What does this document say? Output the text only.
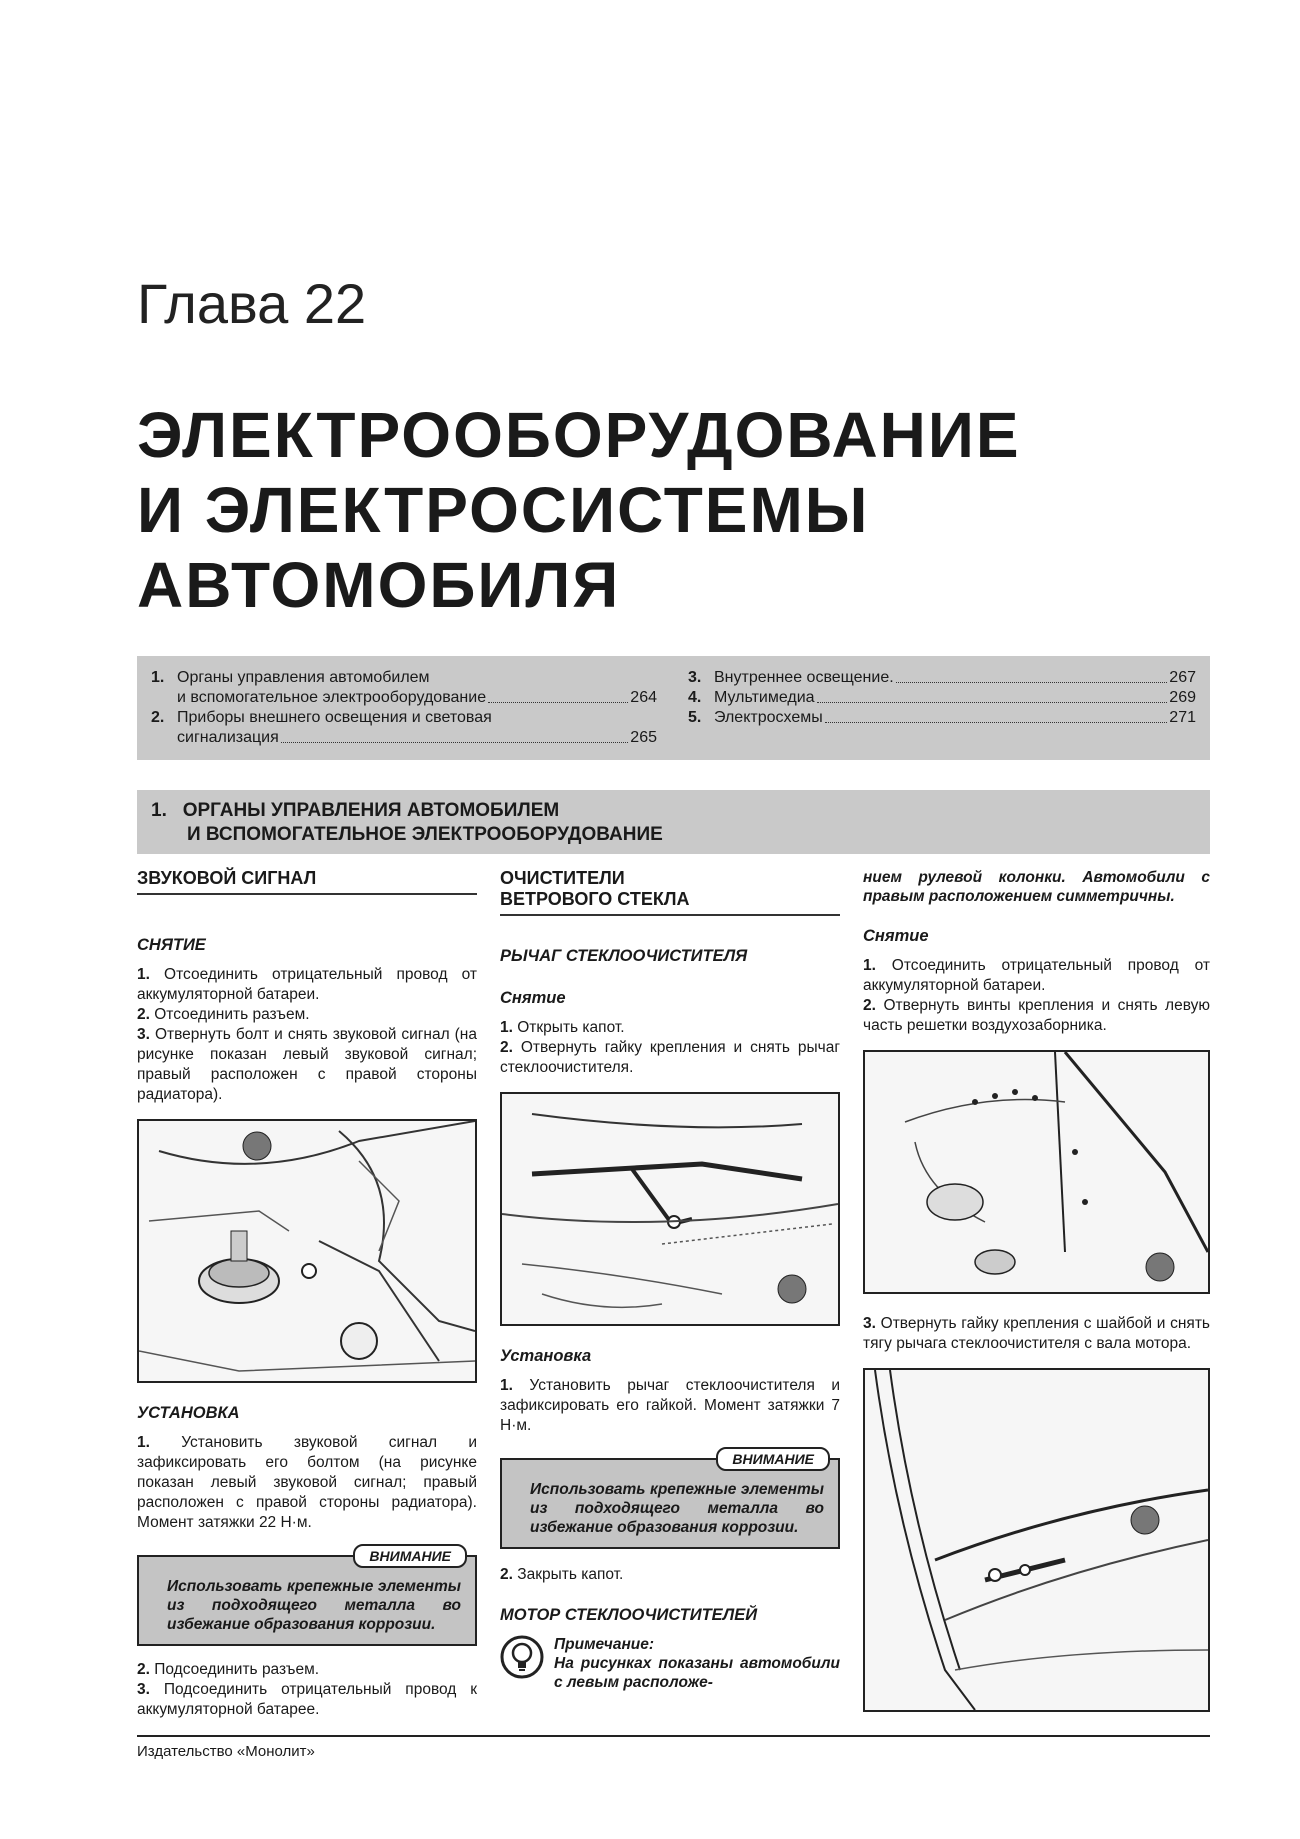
Глава 22
ЭЛЕКТРООБОРУДОВАНИЕ
И ЭЛЕКТРОСИСТЕМЫ
АВТОМОБИЛЯ
1. Органы управления автомобилем
и вспомогательное электрооборудование	264
2. Приборы внешнего освещения и световая
сигнализация	265
3. Внутреннее освещение.	267
4. Мультимедиа	269
5. Электросхемы	271
1. ОРГАНЫ УПРАВЛЕНИЯ АВТОМОБИЛЕМ
И ВСПОМОГАТЕЛЬНОЕ ЭЛЕКТРООБОРУДОВАНИЕ
ЗВУКОВОЙ СИГНАЛ
СНЯТИЕ
1. Отсоединить отрицательный провод от аккумуляторной батареи.
2. Отсоединить разъем.
3. Отвернуть болт и снять звуковой сигнал (на рисунке показан левый звуковой сигнал; правый расположен с правой стороны радиатора).
УСТАНОВКА
1. Установить звуковой сигнал и зафиксировать его болтом (на рисунке показан левый звуковой сигнал; правый расположен с правой стороны радиатора). Момент затяжки 22 Н·м.
ВНИМАНИЕ
Использовать крепежные элементы из подходящего металла во избежание образования коррозии.
2. Подсоединить разъем.
3. Подсоединить отрицательный провод к аккумуляторной батарее.
ОЧИСТИТЕЛИ
ВЕТРОВОГО СТЕКЛА
РЫЧАГ СТЕКЛООЧИСТИТЕЛЯ
Снятие
1. Открыть капот.
2. Отвернуть гайку крепления и снять рычаг стеклоочистителя.
Установка
1. Установить рычаг стеклоочистителя и зафиксировать его гайкой. Момент затяжки 7 Н·м.
ВНИМАНИЕ
Использовать крепежные элементы из подходящего металла во избежание образования коррозии.
2. Закрыть капот.
МОТОР СТЕКЛООЧИСТИТЕЛЕЙ
Примечание:
На рисунках показаны автомобили с левым расположе-
нием рулевой колонки. Автомобили с правым расположением симметричны.
Снятие
1. Отсоединить отрицательный провод от аккумуляторной батареи.
2. Отвернуть винты крепления и снять левую часть решетки воздухозаборника.
3. Отвернуть гайку крепления с шайбой и снять тягу рычага стеклоочистителя с вала мотора.
Издательство «Монолит»
